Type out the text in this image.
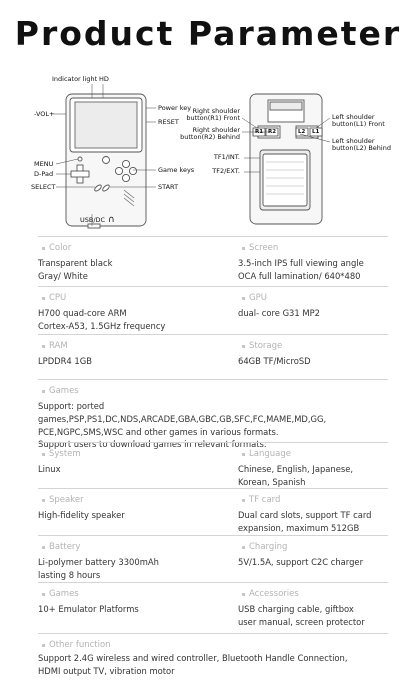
Product Parameter
Indicator light HD
-VOL+
Power key
RESET
MENU
D-Pad	Game keys
SELECT	START
USB/DC ∩
Right shoulder
button(R1) Front
Right shoulder
button(R2) Behind
Left shoulder
button(L1) Front
Left shoulder
button(L2) Behind
TF1/INT.
TF2/EXT.
R1 R2	L2 L1
Color
Transparent black
Gray/ White
Screen
3.5-inch IPS full viewing angle
OCA full lamination/ 640*480
CPU
H700 quad-core ARM
Cortex-A53, 1.5GHz frequency
GPU
dual- core G31 MP2
RAM
LPDDR4 1GB
Storage
64GB TF/MicroSD
Games
Support: ported games,PSP,PS1,DC,NDS,ARCADE,GBA,GBC,GB,SFC,FC,MAME,MD,GG,
PCE,NGPC,SMS,WSC and other games in various formats.
Support users to download games in relevant formats.
System
Linux
Language
Chinese, English, Japanese,
Korean, Spanish
Speaker
High-fidelity speaker
TF card
Dual card slots, support TF card
expansion, maximum 512GB
Battery
Li-polymer battery 3300mAh
lasting 8 hours
Charging
5V/1.5A, support C2C charger
Games
10+ Emulator Platforms
Accessories
USB charging cable, giftbox
user manual, screen protector
Other function
Support 2.4G wireless and wired controller, Bluetooth Handle Connection,
HDMI output TV, vibration motor
